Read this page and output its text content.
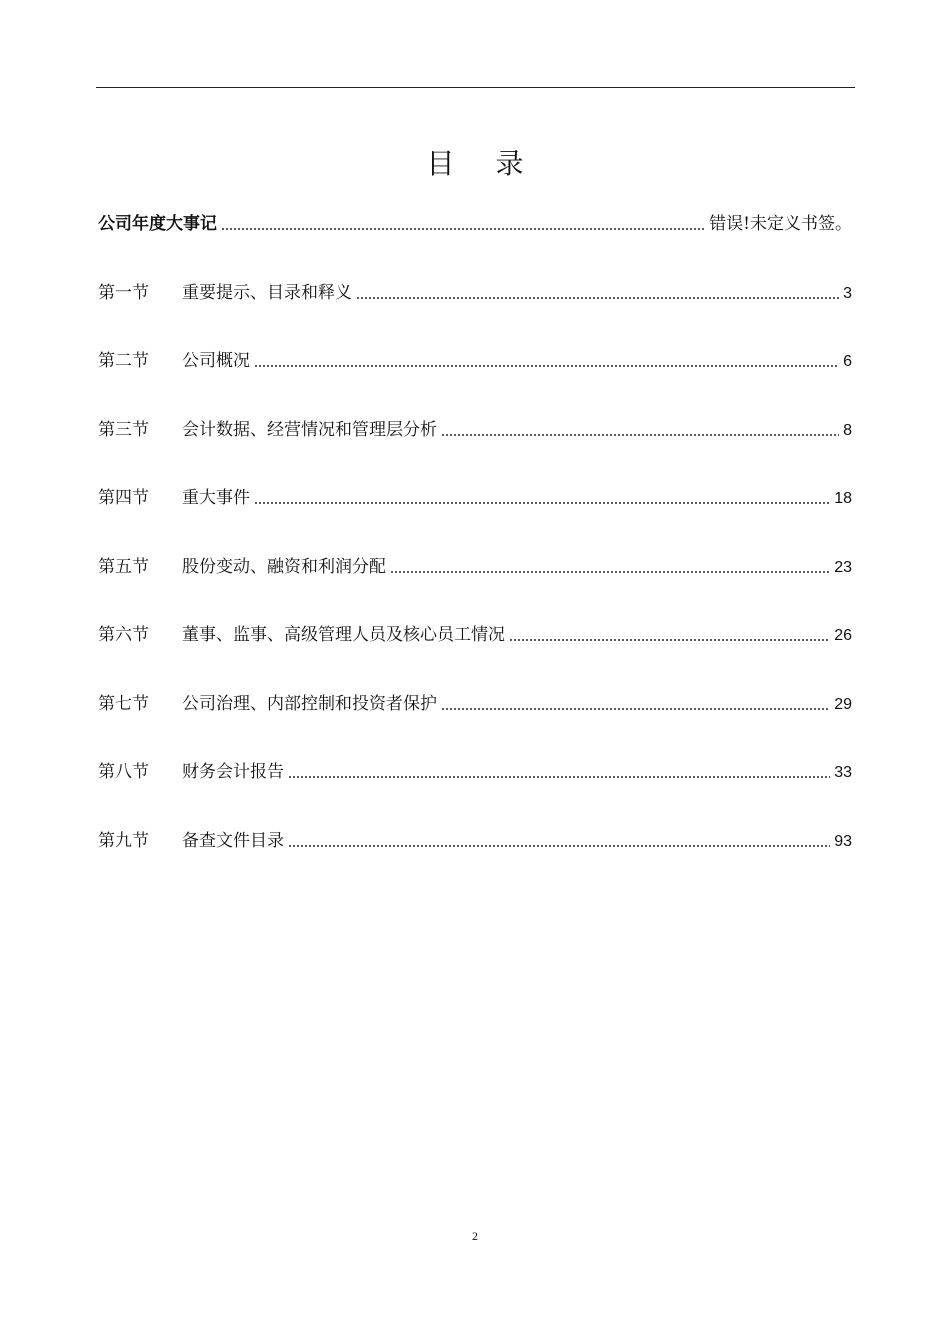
目 录
公司年度大事记	错误!未定义书签。
第一节	重要提示、目录和释义	3
第二节	公司概况	6
第三节	会计数据、经营情况和管理层分析	8
第四节	重大事件	18
第五节	股份变动、融资和利润分配	23
第六节	董事、监事、高级管理人员及核心员工情况	26
第七节	公司治理、内部控制和投资者保护	29
第八节	财务会计报告	33
第九节	备查文件目录	93
2
